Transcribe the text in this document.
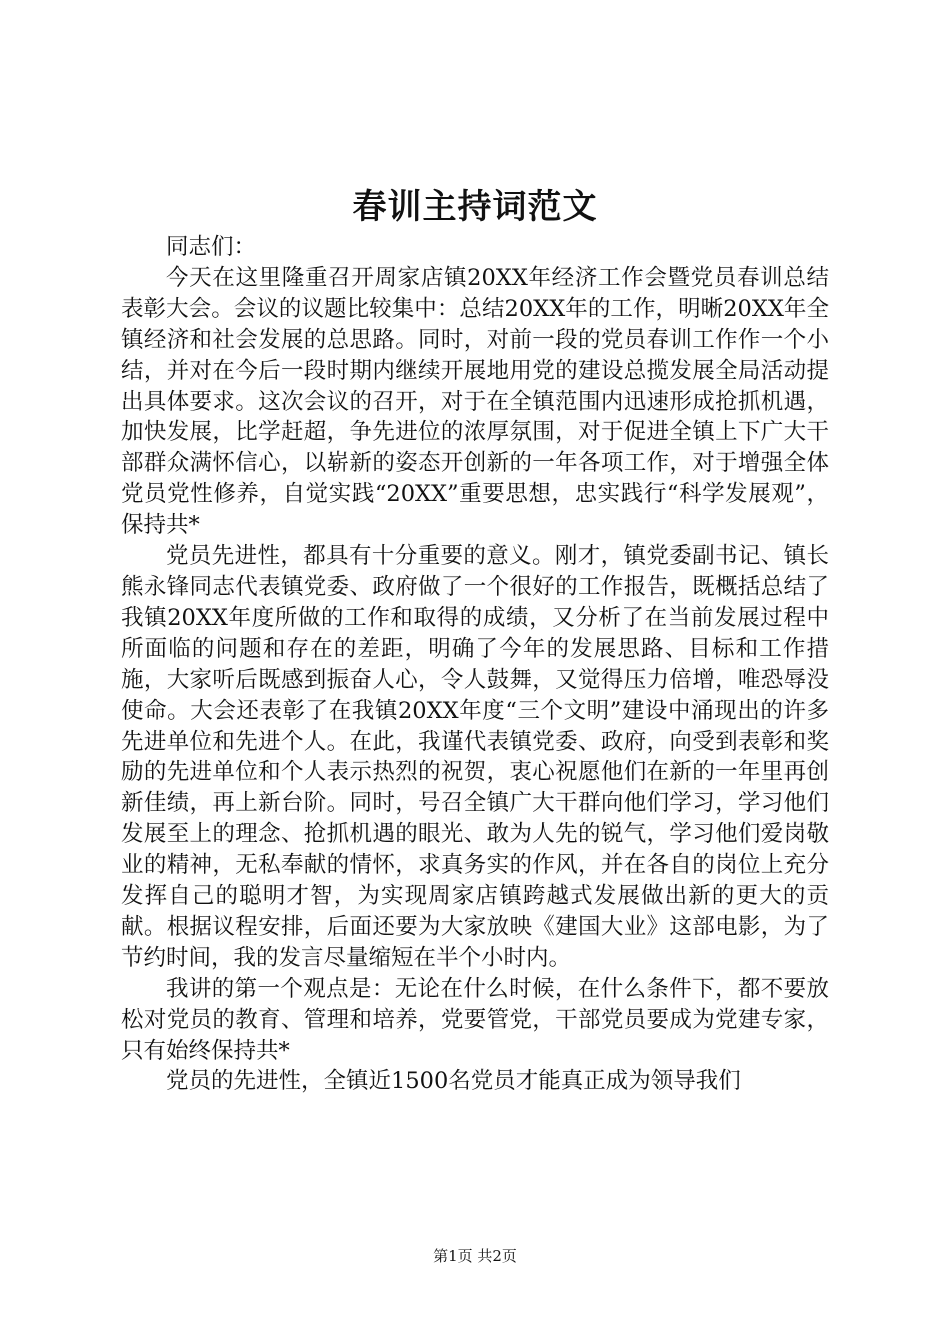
春训主持词范文

同志们：

今天在这里隆重召开周家店镇20XX年经济工作会暨党员春训总结表彰大会。会议的议题比较集中：总结20XX年的工作，明晰20XX年全镇经济和社会发展的总思路。同时，对前一段的党员春训工作作一个小结，并对在今后一段时期内继续开展地用党的建设总揽发展全局活动提出具体要求。这次会议的召开，对于在全镇范围内迅速形成抢抓机遇，加快发展，比学赶超，争先进位的浓厚氛围，对于促进全镇上下广大干部群众满怀信心，以崭新的姿态开创新的一年各项工作，对于增强全体党员党性修养，自觉实践“20XX”重要思想，忠实践行“科学发展观”，保持共*

党员先进性，都具有十分重要的意义。刚才，镇党委副书记、镇长熊永锋同志代表镇党委、政府做了一个很好的工作报告，既概括总结了我镇20XX年度所做的工作和取得的成绩，又分析了在当前发展过程中所面临的问题和存在的差距，明确了今年的发展思路、目标和工作措施，大家听后既感到振奋人心，令人鼓舞，又觉得压力倍增，唯恐辱没使命。大会还表彰了在我镇20XX年度“三个文明”建设中涌现出的许多先进单位和先进个人。在此，我谨代表镇党委、政府，向受到表彰和奖励的先进单位和个人表示热烈的祝贺，衷心祝愿他们在新的一年里再创新佳绩，再上新台阶。同时，号召全镇广大干群向他们学习，学习他们发展至上的理念、抢抓机遇的眼光、敢为人先的锐气，学习他们爱岗敬业的精神，无私奉献的情怀，求真务实的作风，并在各自的岗位上充分发挥自己的聪明才智，为实现周家店镇跨越式发展做出新的更大的贡献。根据议程安排，后面还要为大家放映《建国大业》这部电影，为了节约时间，我的发言尽量缩短在半个小时内。

我讲的第一个观点是：无论在什么时候，在什么条件下，都不要放松对党员的教育、管理和培养，党要管党，干部党员要成为党建专家，只有始终保持共*

党员的先进性，全镇近1500名党员才能真正成为领导我们

第1页 共2页
